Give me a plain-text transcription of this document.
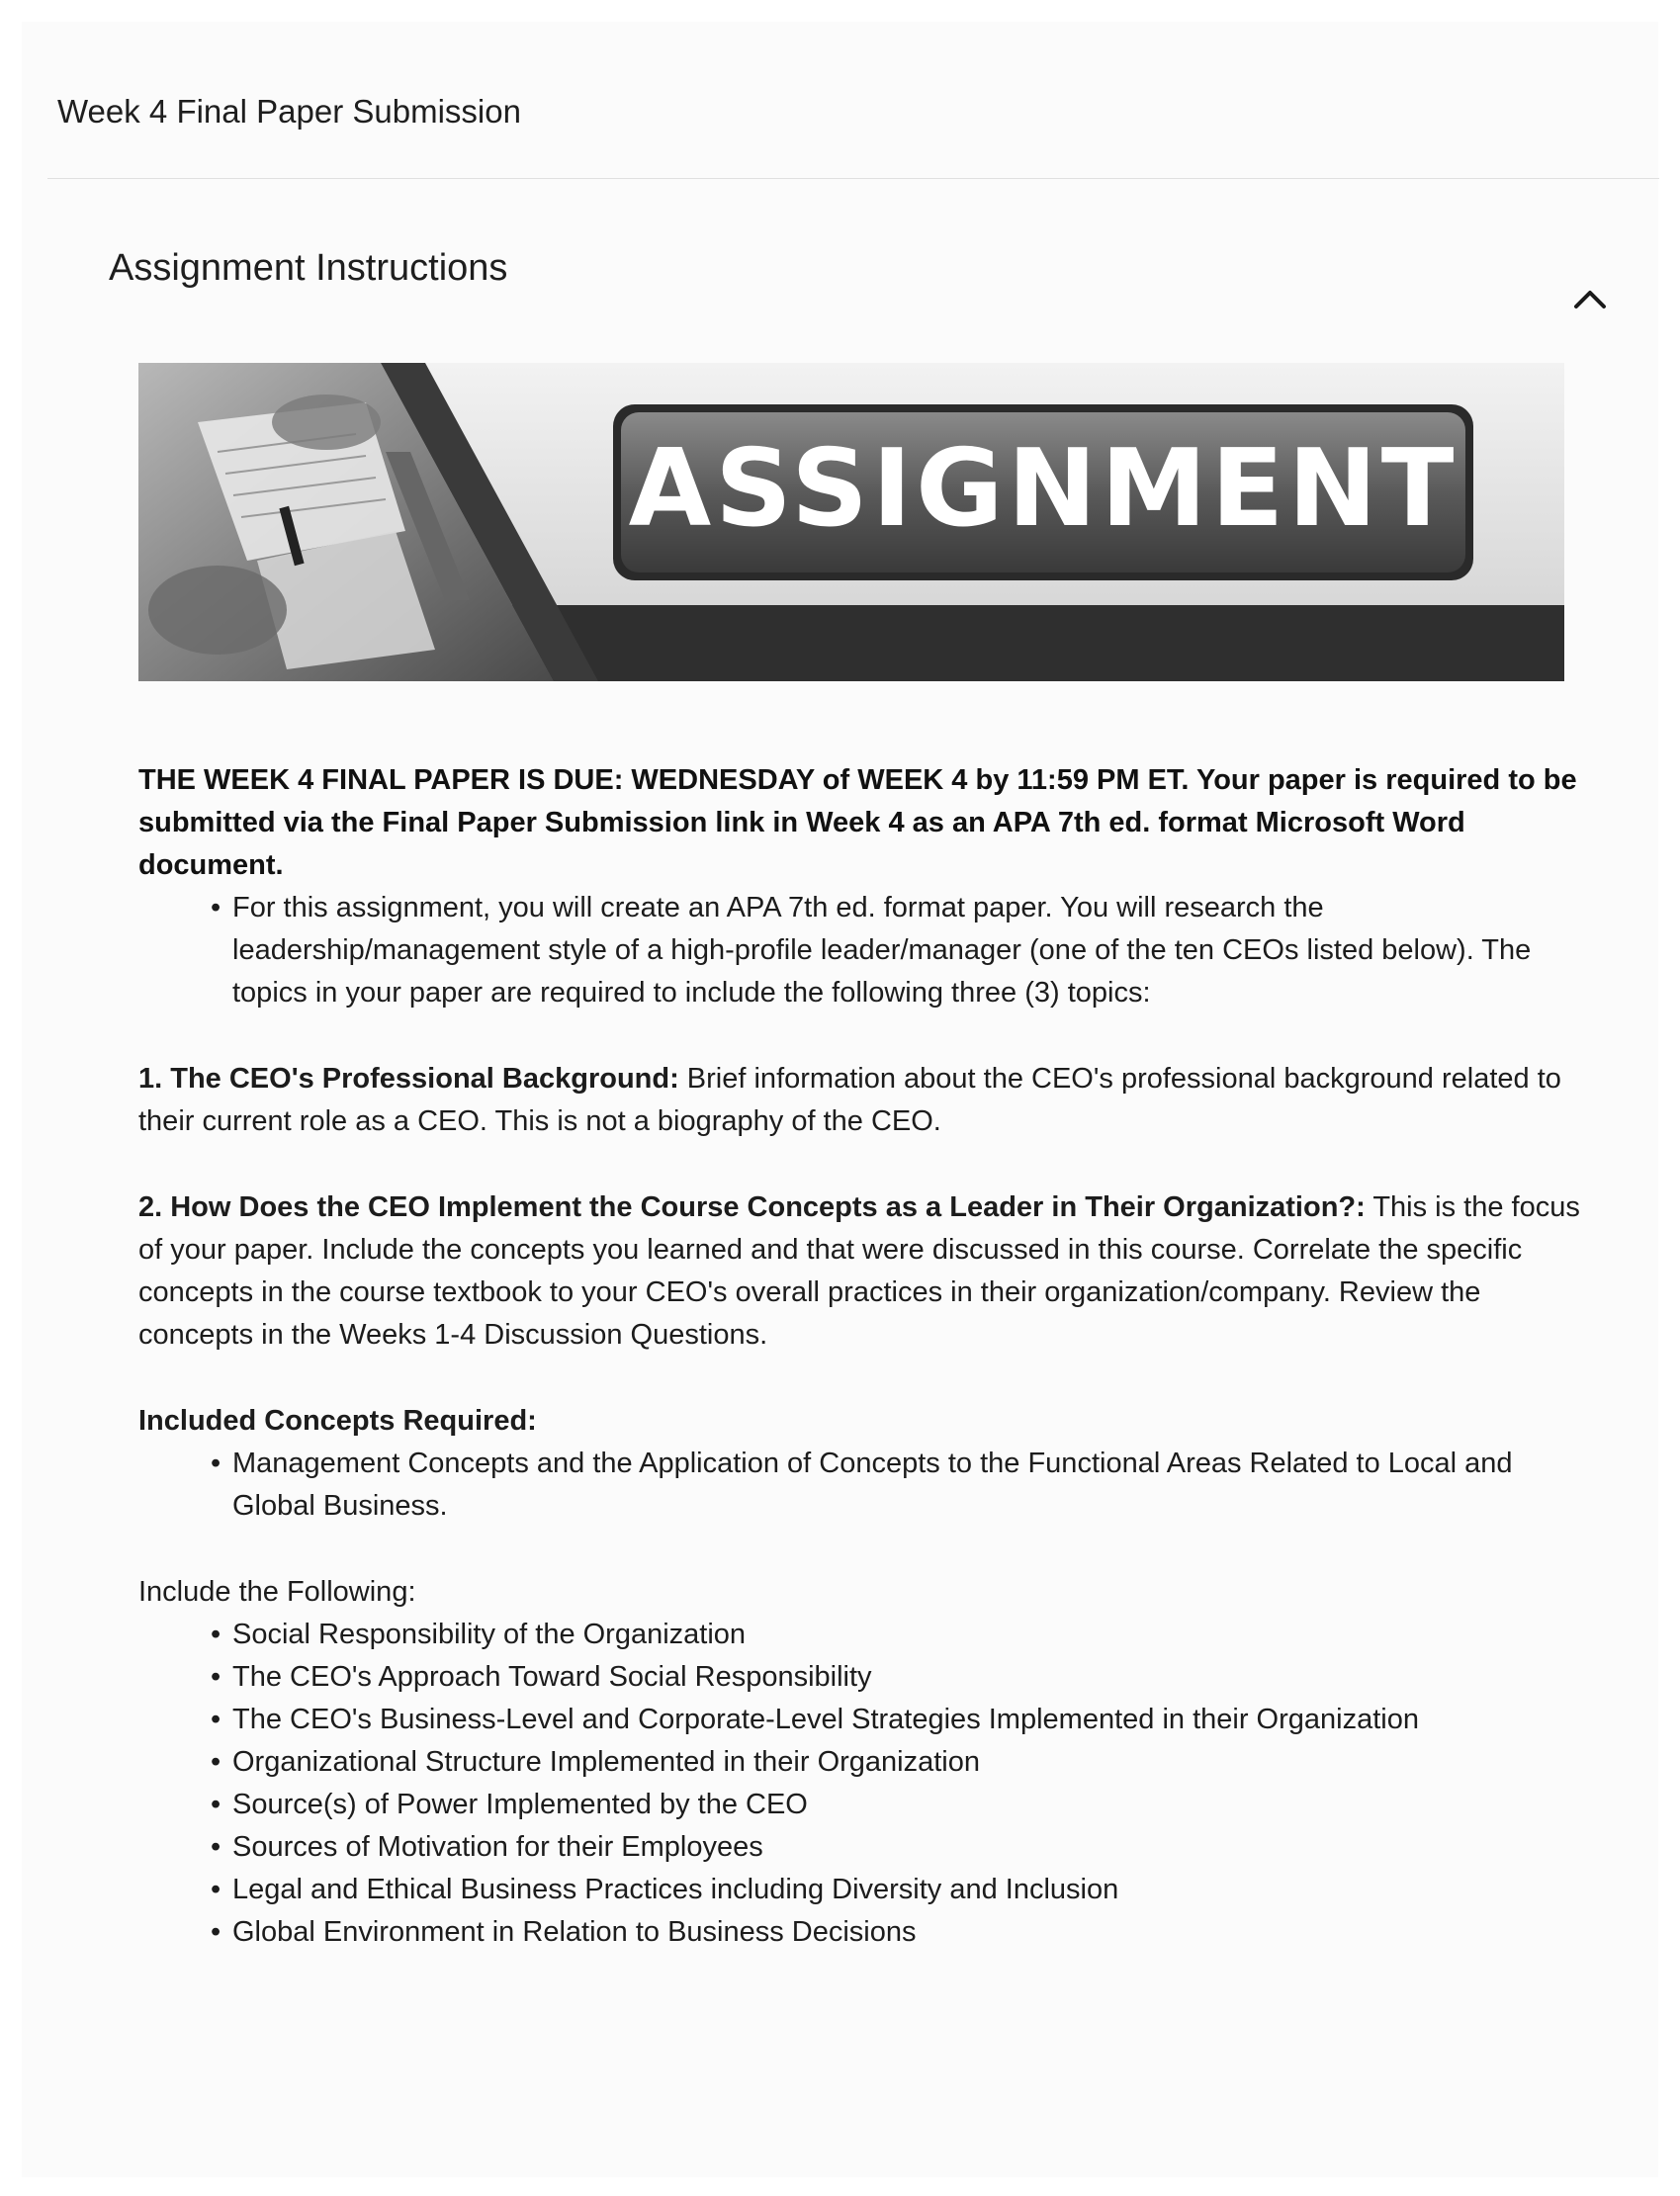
Week 4 Final Paper Submission
Assignment Instructions
ASSIGNMENT

THE WEEK 4 FINAL PAPER IS DUE: WEDNESDAY of WEEK 4 by 11:59 PM ET. Your paper is required to be submitted via the Final Paper Submission link in Week 4 as an APA 7th ed. format Microsoft Word document.

• For this assignment, you will create an APA 7th ed. format paper. You will research the leadership/management style of a high-profile leader/manager (one of the ten CEOs listed below). The topics in your paper are required to include the following three (3) topics:

1. The CEO's Professional Background: Brief information about the CEO's professional background related to their current role as a CEO. This is not a biography of the CEO.

2. How Does the CEO Implement the Course Concepts as a Leader in Their Organization?: This is the focus of your paper. Include the concepts you learned and that were discussed in this course. Correlate the specific concepts in the course textbook to your CEO's overall practices in their organization/company. Review the concepts in the Weeks 1-4 Discussion Questions.

Included Concepts Required:

• Management Concepts and the Application of Concepts to the Functional Areas Related to Local and Global Business.

Include the Following:

• Social Responsibility of the Organization
• The CEO's Approach Toward Social Responsibility
• The CEO's Business-Level and Corporate-Level Strategies Implemented in their Organization
• Organizational Structure Implemented in their Organization
• Source(s) of Power Implemented by the CEO
• Sources of Motivation for their Employees
• Legal and Ethical Business Practices including Diversity and Inclusion
• Global Environment in Relation to Business Decisions
